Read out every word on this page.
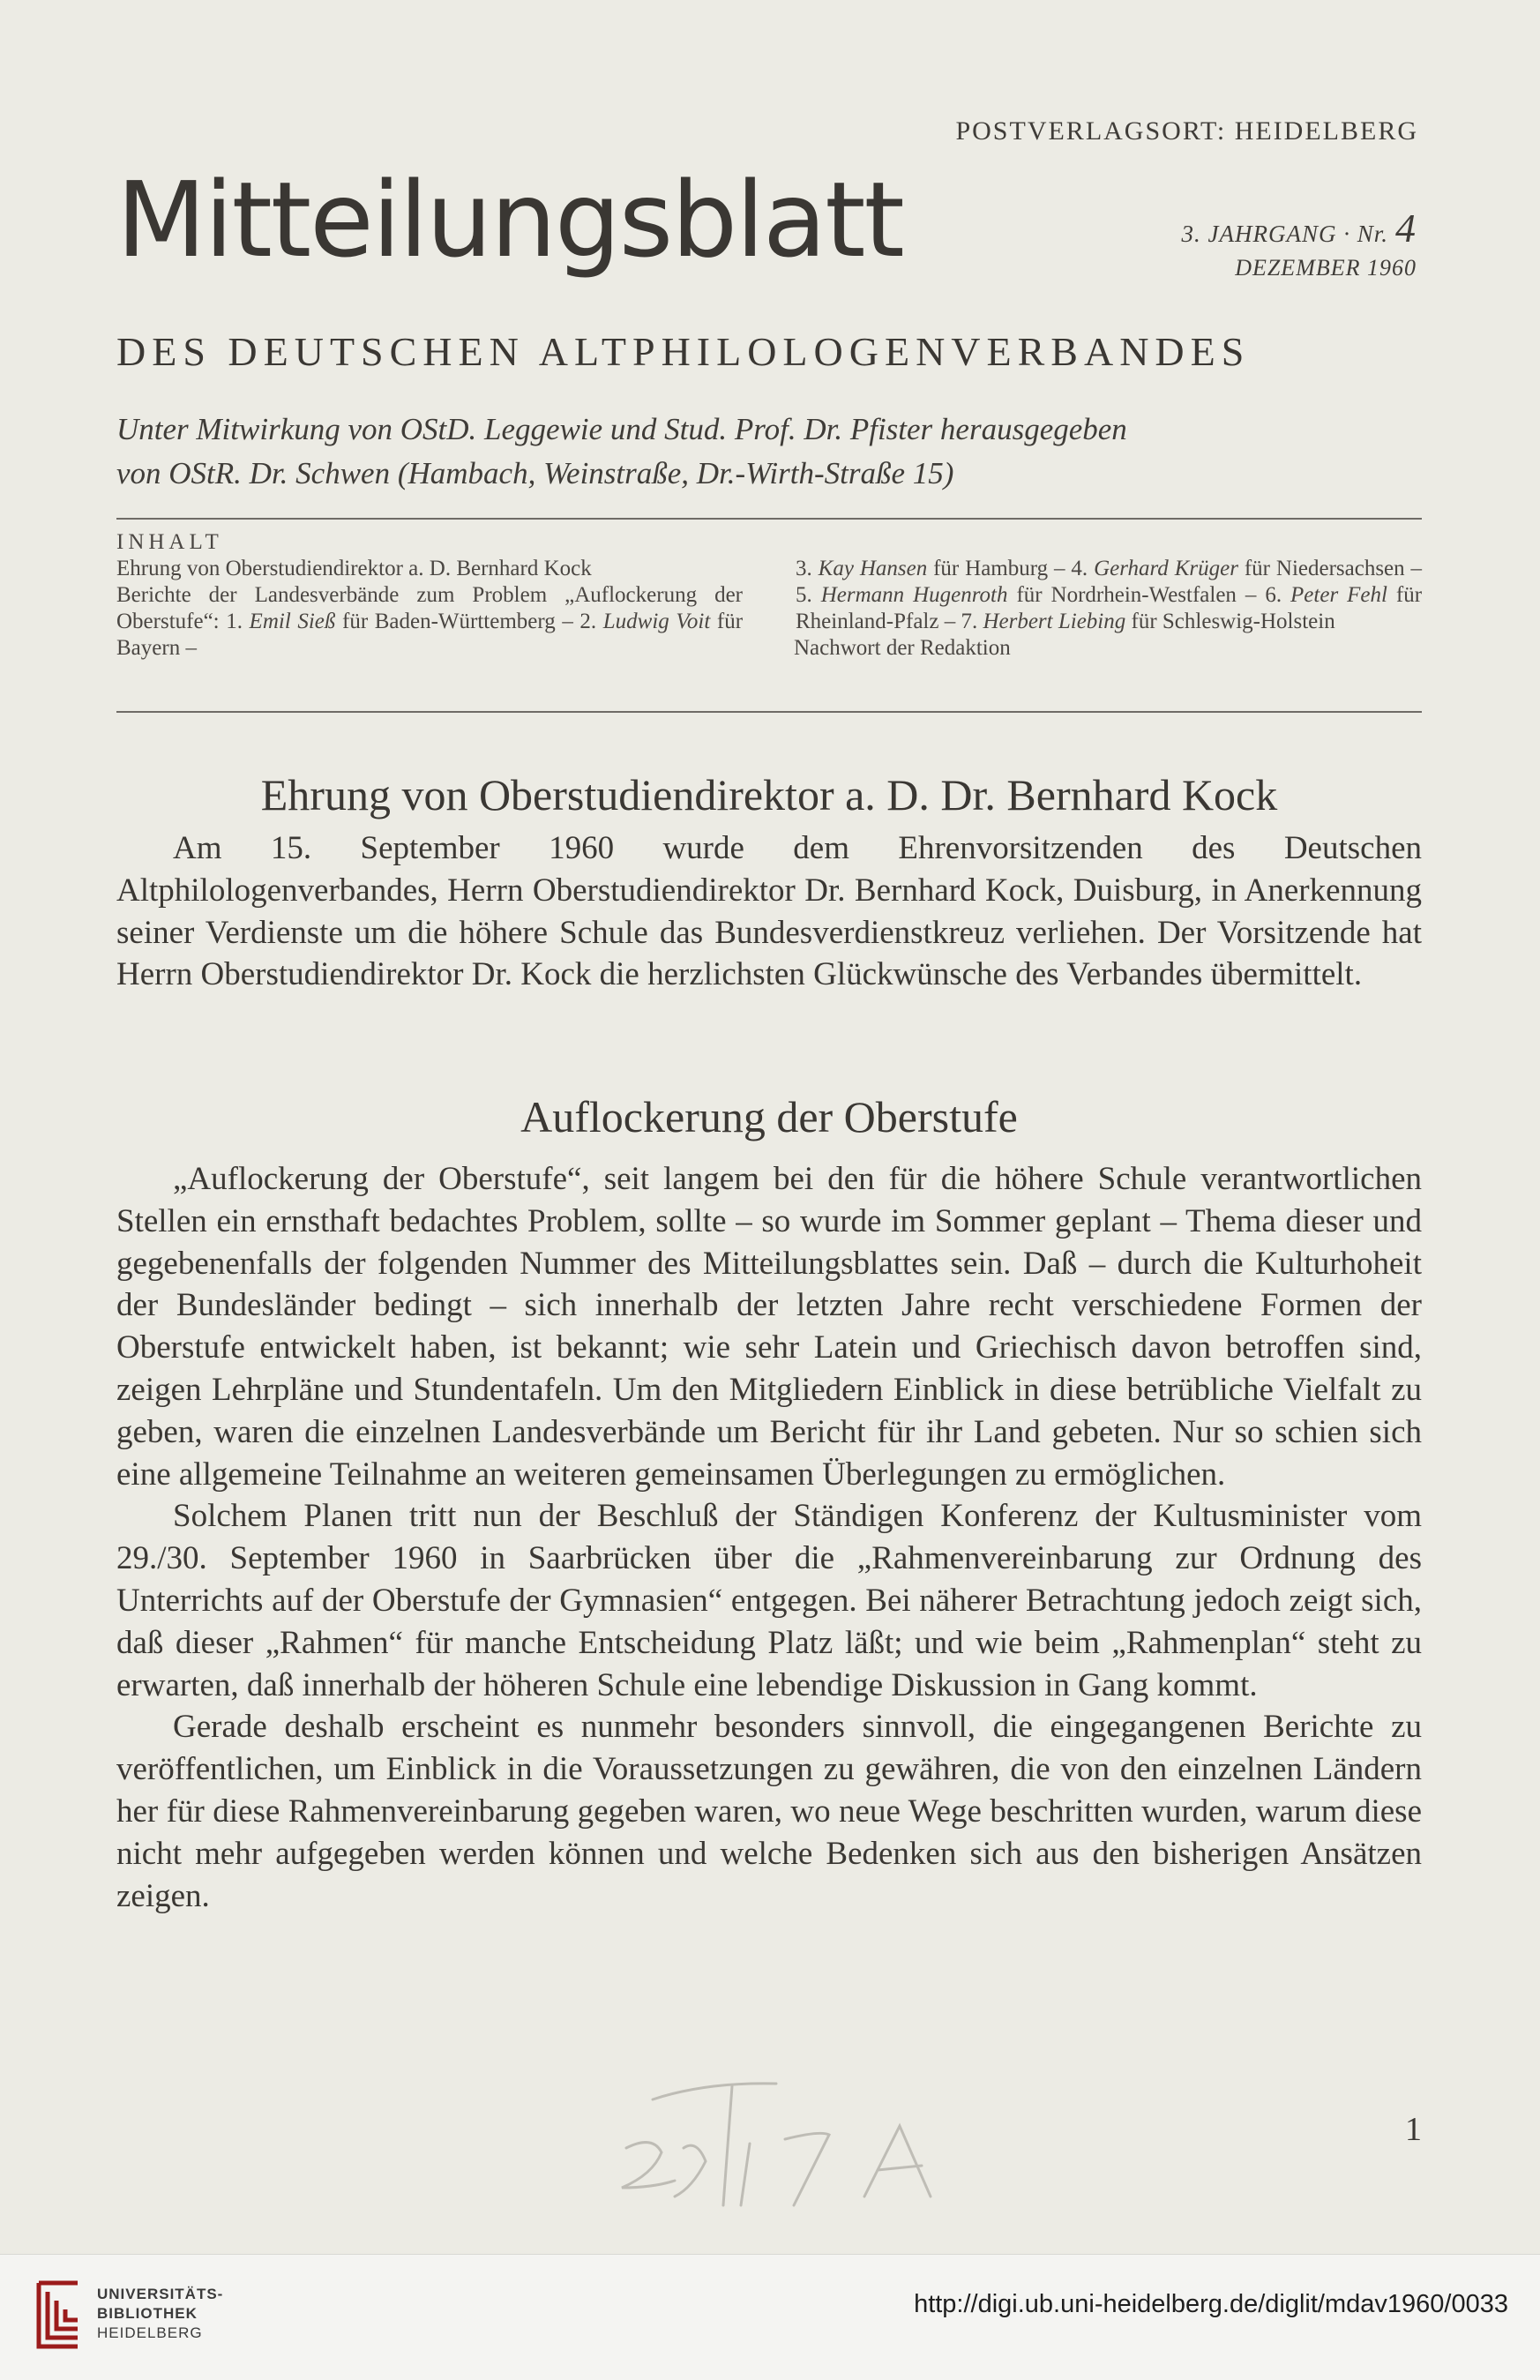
POSTVERLAGSORT: HEIDELBERG
Mitteilungsblatt	3. JAHRGANG · Nr. 4
DEZEMBER 1960
DES DEUTSCHEN ALTPHILOLOGENVERBANDES
Unter Mitwirkung von OStD. Leggewie und Stud. Prof. Dr. Pfister herausgegeben
von OStR. Dr. Schwen (Hambach, Weinstraße, Dr.-Wirth-Straße 15)

INHALT

Ehrung von Oberstudiendirektor a. D. Bernhard Kock

Berichte der Landesverbände zum Problem „Auflockerung der Oberstufe“: 1. Emil Sieß für Baden-Württemberg – 2. Ludwig Voit für Bayern –

3. Kay Hansen für Hamburg – 4. Gerhard Krüger für Niedersachsen – 5. Hermann Hugenroth für Nordrhein-Westfalen – 6. Peter Fehl für Rheinland-Pfalz – 7. Herbert Liebing für Schleswig-Holstein

Nachwort der Redaktion

Ehrung von Oberstudiendirektor a. D. Dr. Bernhard Kock

Am 15. September 1960 wurde dem Ehrenvorsitzenden des Deutschen Altphilologenverbandes, Herrn Oberstudiendirektor Dr. Bernhard Kock, Duisburg, in Anerkennung seiner Verdienste um die höhere Schule das Bundesverdienstkreuz verliehen. Der Vorsitzende hat Herrn Oberstudiendirektor Dr. Kock die herzlichsten Glückwünsche des Verbandes übermittelt.

Auflockerung der Oberstufe

„Auflockerung der Oberstufe“, seit langem bei den für die höhere Schule verantwortlichen Stellen ein ernsthaft bedachtes Problem, sollte – so wurde im Sommer geplant – Thema dieser und gegebenenfalls der folgenden Nummer des Mitteilungsblattes sein. Daß – durch die Kulturhoheit der Bundesländer bedingt – sich innerhalb der letzten Jahre recht verschiedene Formen der Oberstufe entwickelt haben, ist bekannt; wie sehr Latein und Griechisch davon betroffen sind, zeigen Lehrpläne und Stundentafeln. Um den Mitgliedern Einblick in diese betrübliche Vielfalt zu geben, waren die einzelnen Landesverbände um Bericht für ihr Land gebeten. Nur so schien sich eine allgemeine Teilnahme an weiteren gemeinsamen Überlegungen zu ermöglichen.

Solchem Planen tritt nun der Beschluß der Ständigen Konferenz der Kultusminister vom 29./30. September 1960 in Saarbrücken über die „Rahmenvereinbarung zur Ordnung des Unterrichts auf der Oberstufe der Gymnasien“ entgegen. Bei näherer Betrachtung jedoch zeigt sich, daß dieser „Rahmen“ für manche Entscheidung Platz läßt; und wie beim „Rahmenplan“ steht zu erwarten, daß innerhalb der höheren Schule eine lebendige Diskussion in Gang kommt.

Gerade deshalb erscheint es nunmehr besonders sinnvoll, die eingegangenen Berichte zu veröffentlichen, um Einblick in die Voraussetzungen zu gewähren, die von den einzelnen Ländern her für diese Rahmenvereinbarung gegeben waren, wo neue Wege beschritten wurden, warum diese nicht mehr aufgegeben werden können und welche Bedenken sich aus den bisherigen Ansätzen zeigen.

1
UNIVERSITÄTS-
BIBLIOTHEK
HEIDELBERG
http://digi.ub.uni-heidelberg.de/diglit/mdav1960/0033
